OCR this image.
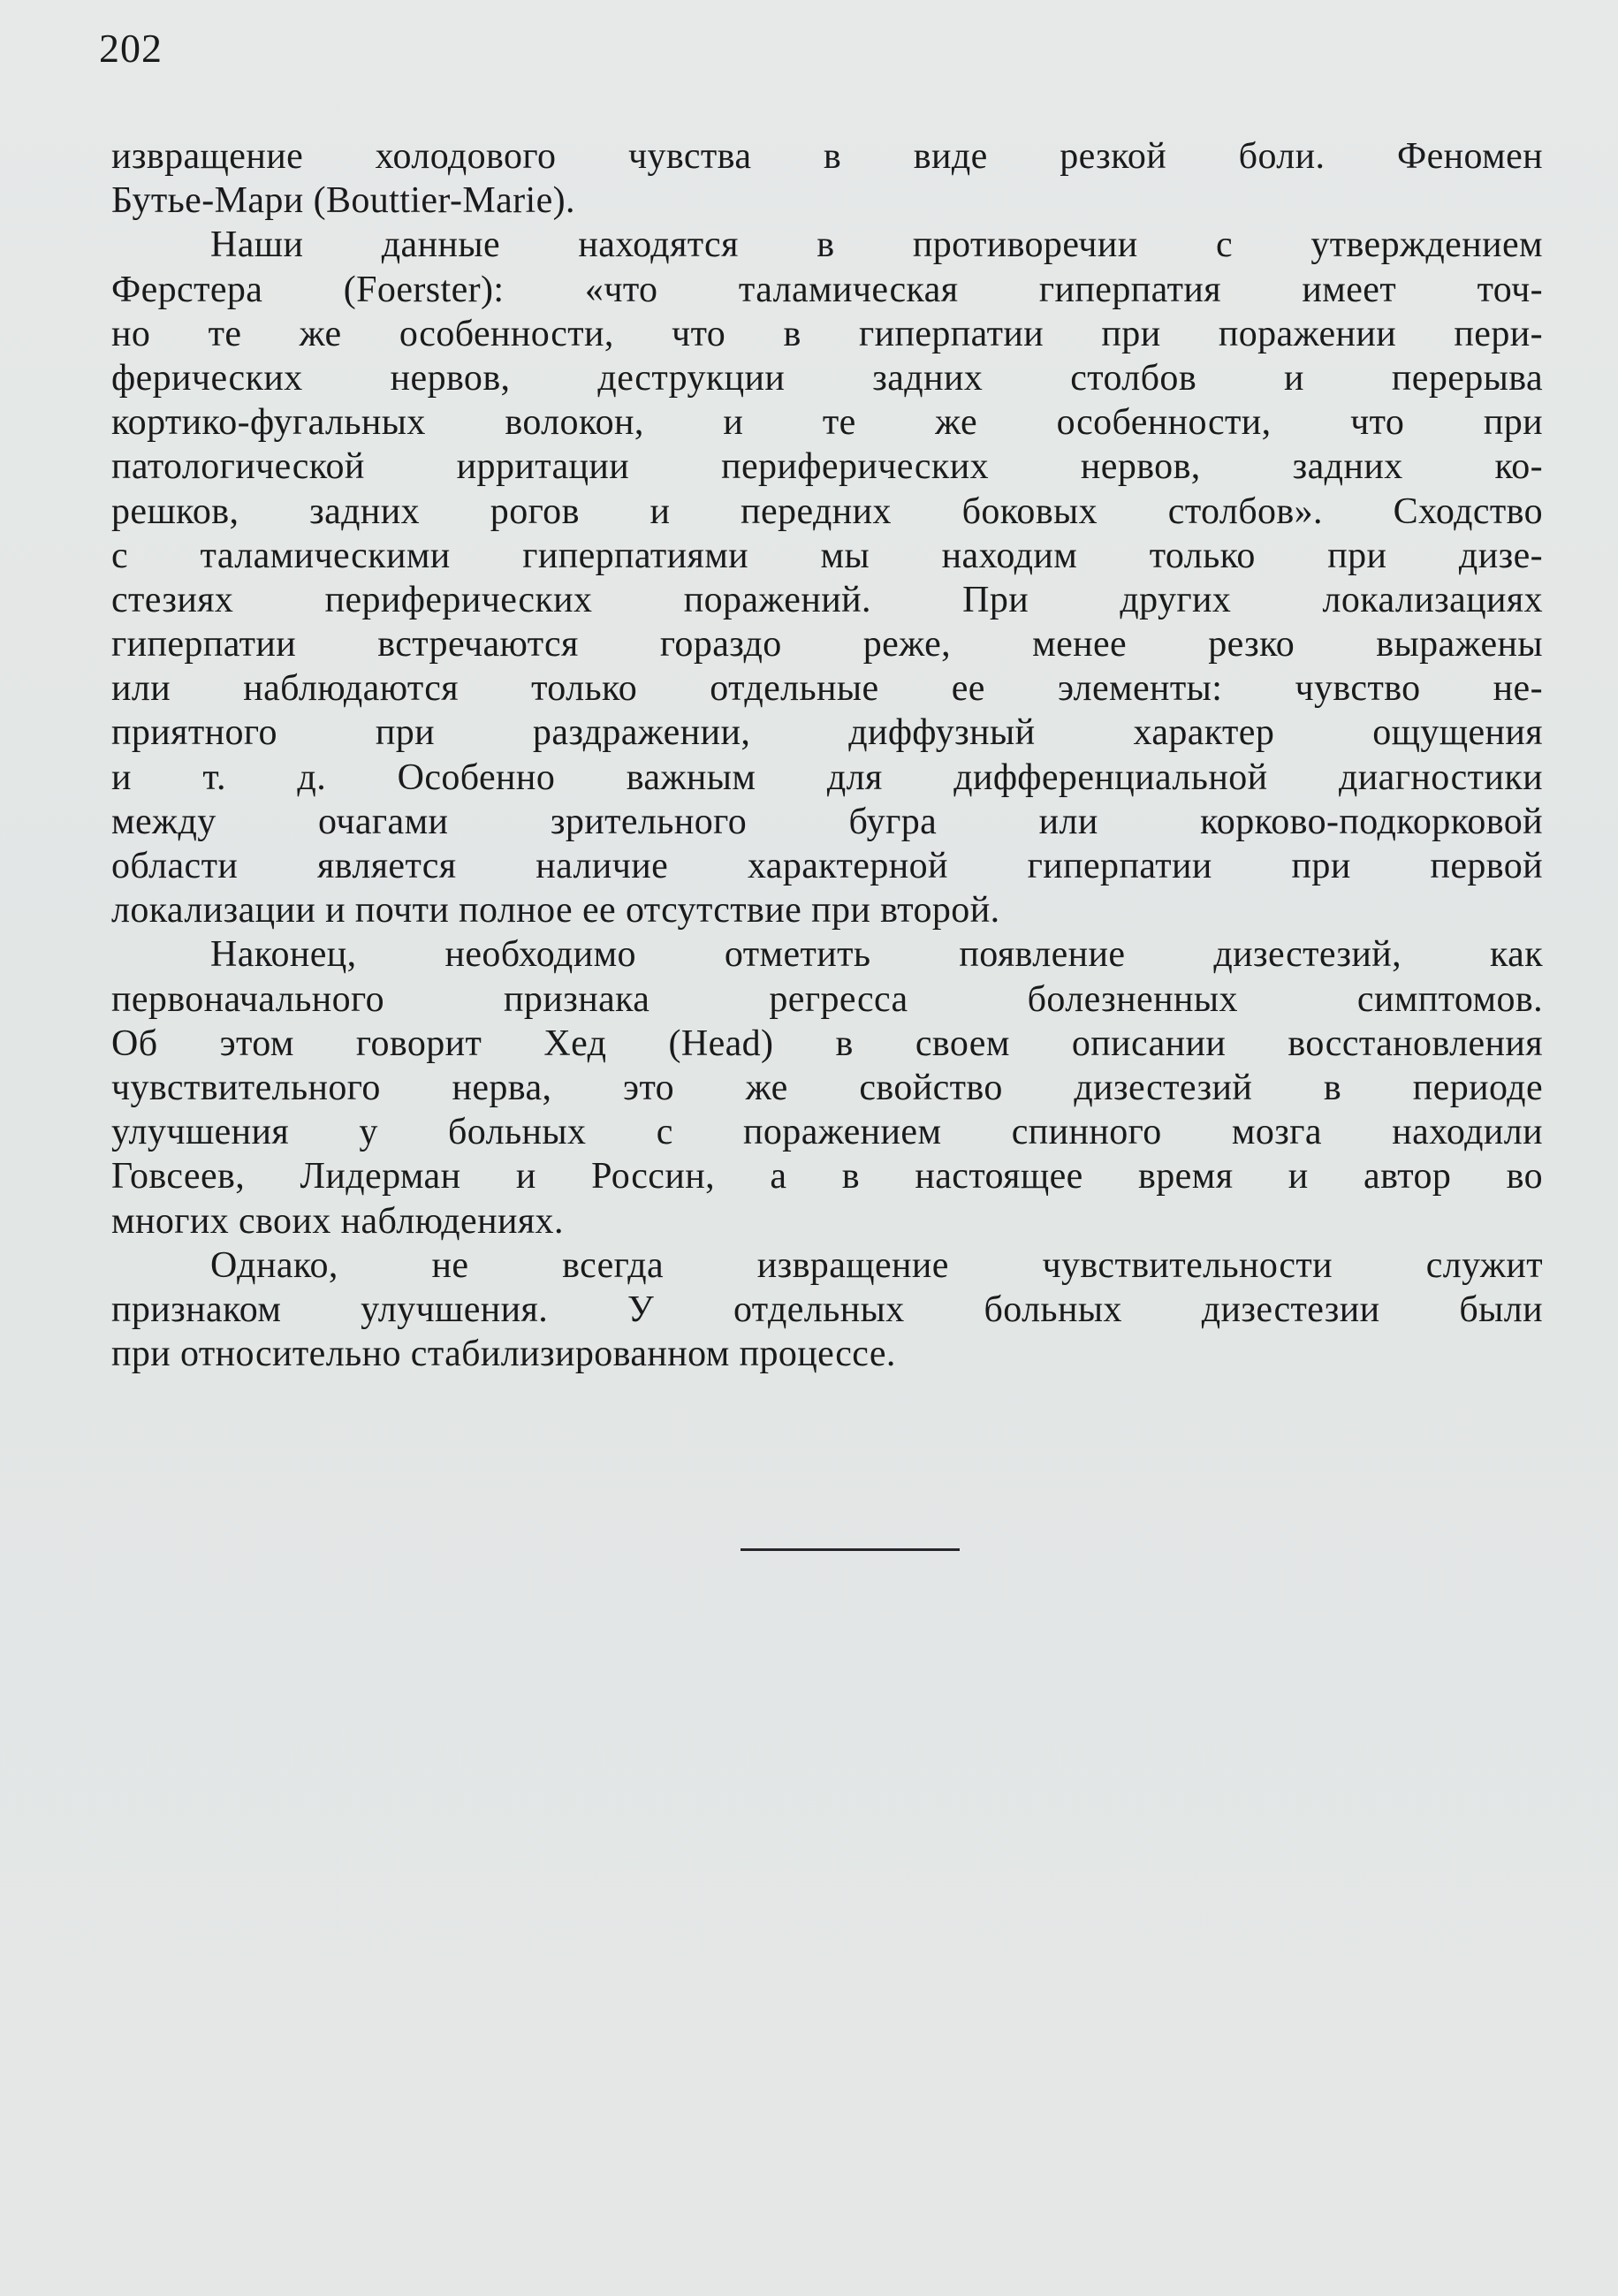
202
извращение холодового чувства в виде резкой боли. Феномен
Бутье-Мари (Bouttier-Marie).
Наши данные находятся в противоречии с утверждением
Ферстера (Foerster): «что таламическая гиперпатия имеет точ-
но те же особенности, что в гиперпатии при поражении пери-
ферических нервов, деструкции задних столбов и перерыва
кортико-фугальных волокон, и те же особенности, что при
патологической ирритации периферических нервов, задних ко-
решков, задних рогов и передних боковых столбов». Сходство
с таламическими гиперпатиями мы находим только при дизе-
стезиях периферических поражений. При других локализациях
гиперпатии встречаются гораздо реже, менее резко выражены
или наблюдаются только отдельные ее элементы: чувство не-
приятного при раздражении, диффузный характер ощущения
и т. д. Особенно важным для дифференциальной диагностики
между очагами зрительного бугра или корково-подкорковой
области является наличие характерной гиперпатии при первой
локализации и почти полное ее отсутствие при второй.
Наконец, необходимо отметить появление дизестезий, как
первоначального признака регресса болезненных симптомов.
Об этом говорит Хед (Head) в своем описании восстановления
чувствительного нерва, это же свойство дизестезий в периоде
улучшения у больных с поражением спинного мозга находили
Говсеев, Лидерман и Россин, а в настоящее время и автор во
многих своих наблюдениях.
Однако, не всегда извращение чувствительности служит
признаком улучшения. У отдельных больных дизестезии были
при относительно стабилизированном процессе.
